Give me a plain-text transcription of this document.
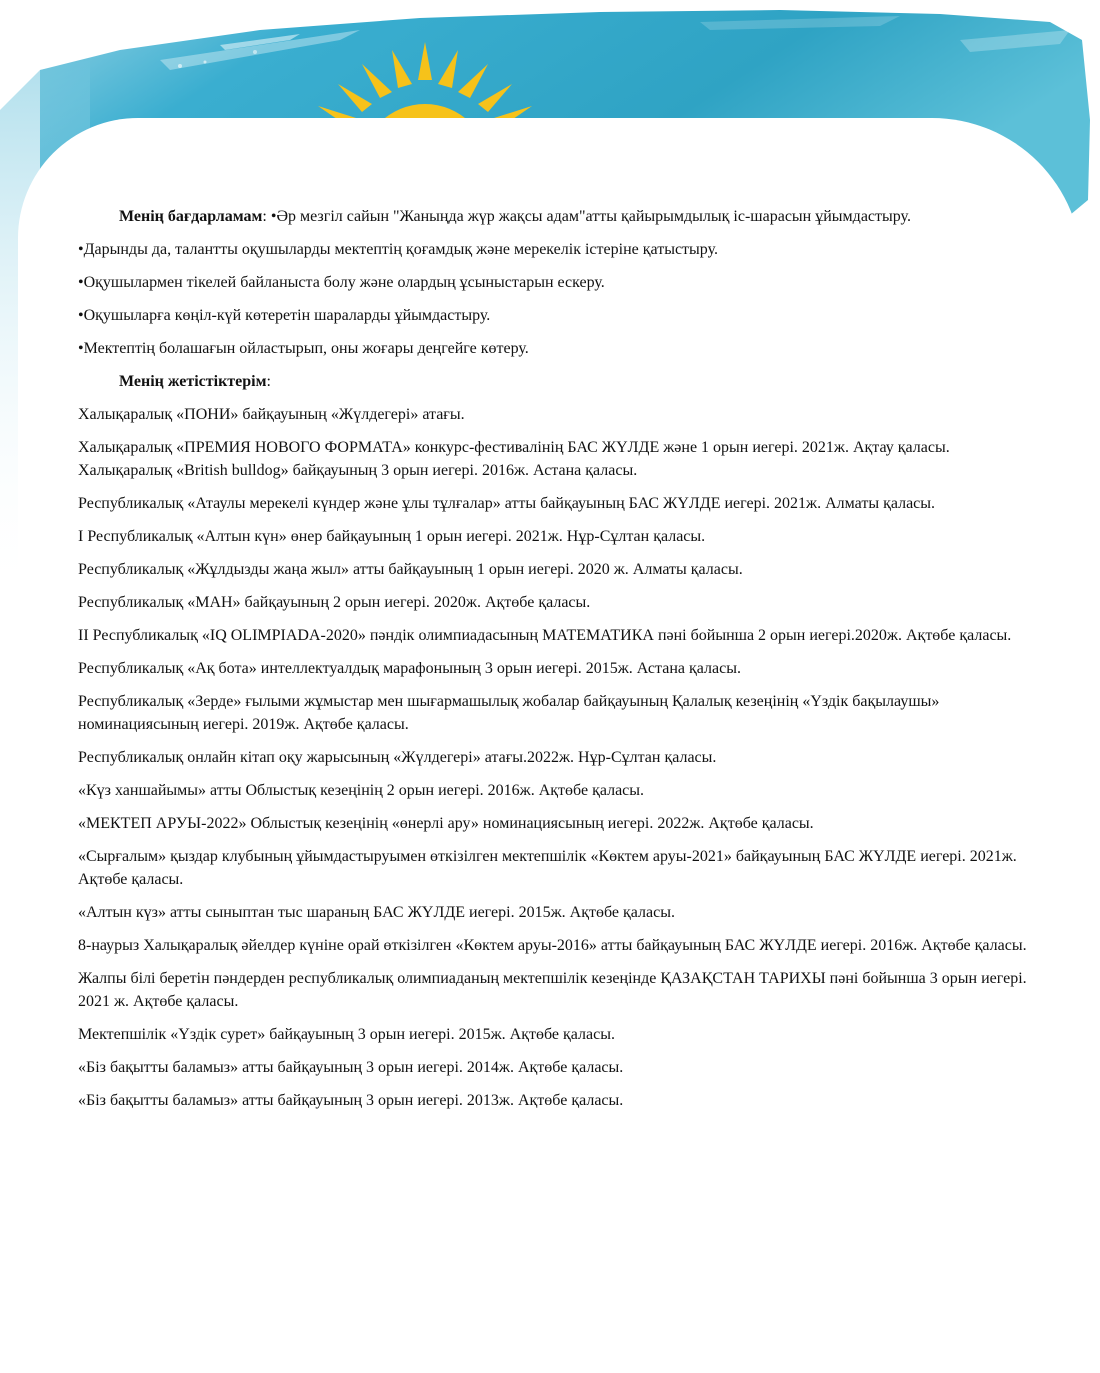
Менің бағдарламам: •Әр мезгіл сайын "Жаныңда жүр жақсы адам"атты қайырымдылық іс-шарасын ұйымдастыру.

•Дарынды да, талантты оқушыларды мектептің қоғамдық және мерекелік істеріне қатыстыру.

•Оқушылармен тікелей байланыста болу және олардың ұсыныстарын ескеру.

•Оқушыларға көңіл-күй көтеретін шараларды ұйымдастыру.

•Мектептің болашағын ойластырып, оны жоғары деңгейге көтеру.

Менің жетістіктерім:

Халықаралық «ПОНИ» байқауының «Жүлдегері» атағы.

Халықаралық «ПРЕМИЯ НОВОГО ФОРМАТА» конкурс-фестивалінің БАС ЖҮЛДЕ және 1 орын иегері. 2021ж. Ақтау қаласы.

Халықаралық «British bulldog» байқауының 3 орын иегері. 2016ж. Астана қаласы.

Республикалық «Атаулы мерекелі күндер және ұлы тұлғалар» атты байқауының БАС ЖҮЛДЕ иегері. 2021ж. Алматы қаласы.

І Республикалық «Алтын күн» өнер байқауының 1 орын иегері. 2021ж. Нұр-Сұлтан қаласы.

Республикалық «Жұлдызды жаңа жыл» атты байқауының 1 орын иегері. 2020 ж. Алматы қаласы.

Республикалық «МАН» байқауының 2 орын иегері. 2020ж. Ақтөбе қаласы.

ІІ Республикалық «IQ OLIMPIADA-2020» пәндік олимпиадасының МАТЕМАТИКА пәні бойынша 2 орын иегері.2020ж. Ақтөбе қаласы.

Республикалық «Ақ бота» интеллектуалдық марафонының 3 орын иегері. 2015ж. Астана қаласы.

Республикалық «Зерде» ғылыми жұмыстар мен шығармашылық жобалар байқауының Қалалық кезеңінің «Үздік бақылаушы» номинациясының иегері. 2019ж. Ақтөбе қаласы.

Республикалық онлайн кітап оқу жарысының «Жүлдегері» атағы.2022ж. Нұр-Сұлтан қаласы.

«Күз ханшайымы» атты Облыстық кезеңінің 2 орын иегері. 2016ж. Ақтөбе қаласы.

«МЕКТЕП АРУЫ-2022» Облыстық кезеңінің «өнерлі ару» номинациясының иегері. 2022ж. Ақтөбе қаласы.

«Сырғалым» қыздар клубының ұйымдастыруымен өткізілген мектепшілік «Көктем аруы-2021» байқауының БАС ЖҮЛДЕ иегері. 2021ж. Ақтөбе қаласы.

«Алтын күз» атты сыныптан тыс шараның БАС ЖҮЛДЕ иегері. 2015ж. Ақтөбе қаласы.

8-наурыз Халықаралық әйелдер күніне орай өткізілген «Көктем аруы-2016» атты байқауының БАС ЖҮЛДЕ иегері. 2016ж. Ақтөбе қаласы.

Жалпы білі беретін пәндерден республикалық олимпиаданың мектепшілік кезеңінде ҚАЗАҚСТАН ТАРИХЫ пәні бойынша 3 орын иегері. 2021 ж. Ақтөбе қаласы.

Мектепшілік «Үздік сурет» байқауының 3 орын иегері. 2015ж. Ақтөбе қаласы.

«Біз бақытты баламыз» атты байқауының 3 орын иегері. 2014ж. Ақтөбе қаласы.

«Біз бақытты баламыз» атты байқауының 3 орын иегері. 2013ж. Ақтөбе қаласы.
